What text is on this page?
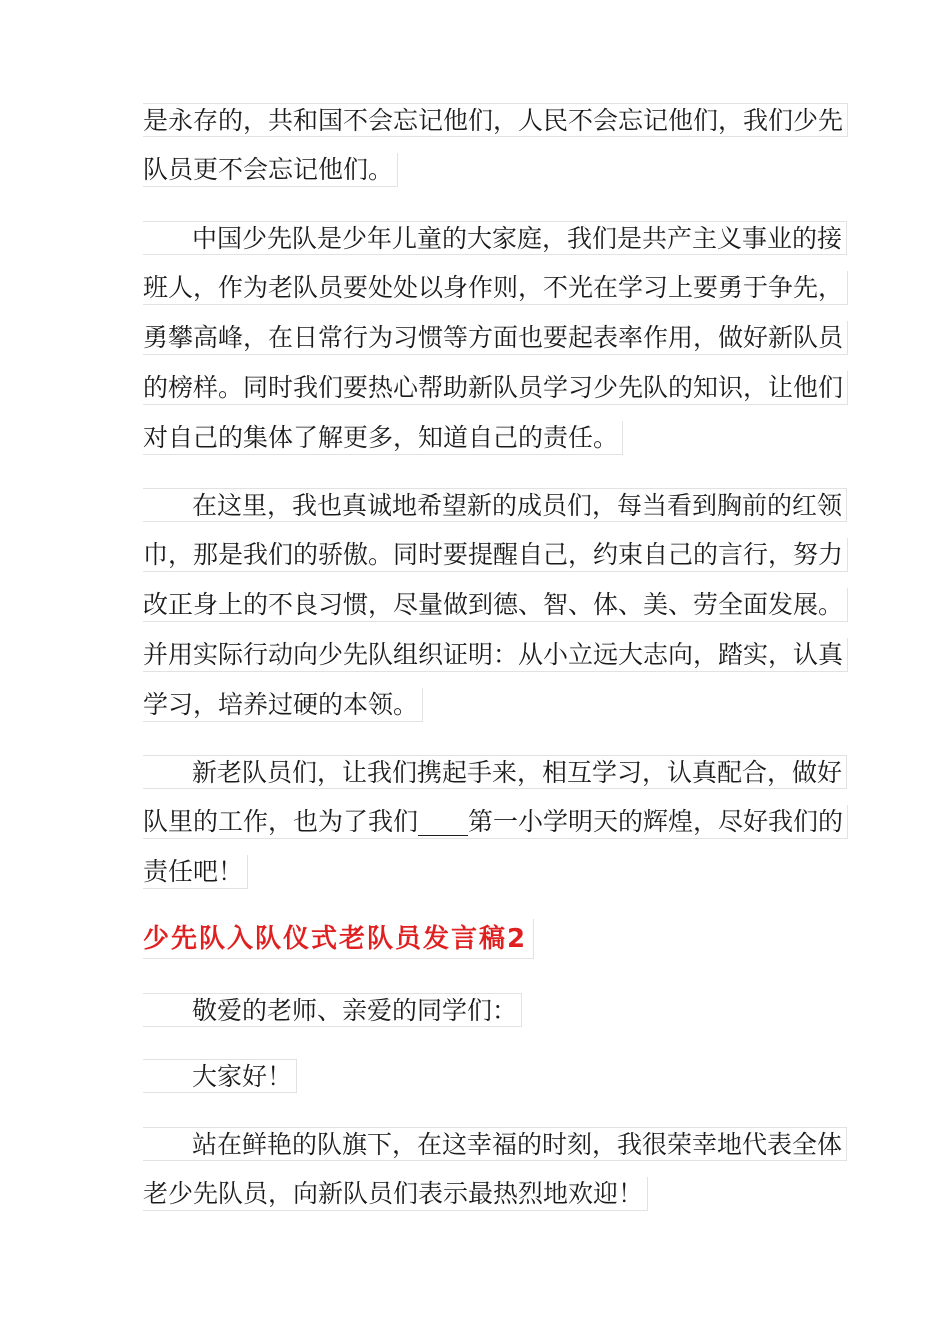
是永存的，共和国不会忘记他们，人民不会忘记他们，我们少先
队员更不会忘记他们。
中国少先队是少年儿童的大家庭，我们是共产主义事业的接
班人，作为老队员要处处以身作则，不光在学习上要勇于争先，
勇攀高峰，在日常行为习惯等方面也要起表率作用，做好新队员
的榜样。同时我们要热心帮助新队员学习少先队的知识，让他们
对自己的集体了解更多，知道自己的责任。
在这里，我也真诚地希望新的成员们，每当看到胸前的红领
巾，那是我们的骄傲。同时要提醒自己，约束自己的言行，努力
改正身上的不良习惯，尽量做到德、智、体、美、劳全面发展。
并用实际行动向少先队组织证明：从小立远大志向，踏实，认真
学习，培养过硬的本领。
新老队员们，让我们携起手来，相互学习，认真配合，做好
队里的工作，也为了我们____第一小学明天的辉煌，尽好我们的
责任吧！
少先队入队仪式老队员发言稿2
敬爱的老师、亲爱的同学们：
大家好！
站在鲜艳的队旗下，在这幸福的时刻，我很荣幸地代表全体
老少先队员，向新队员们表示最热烈地欢迎！
